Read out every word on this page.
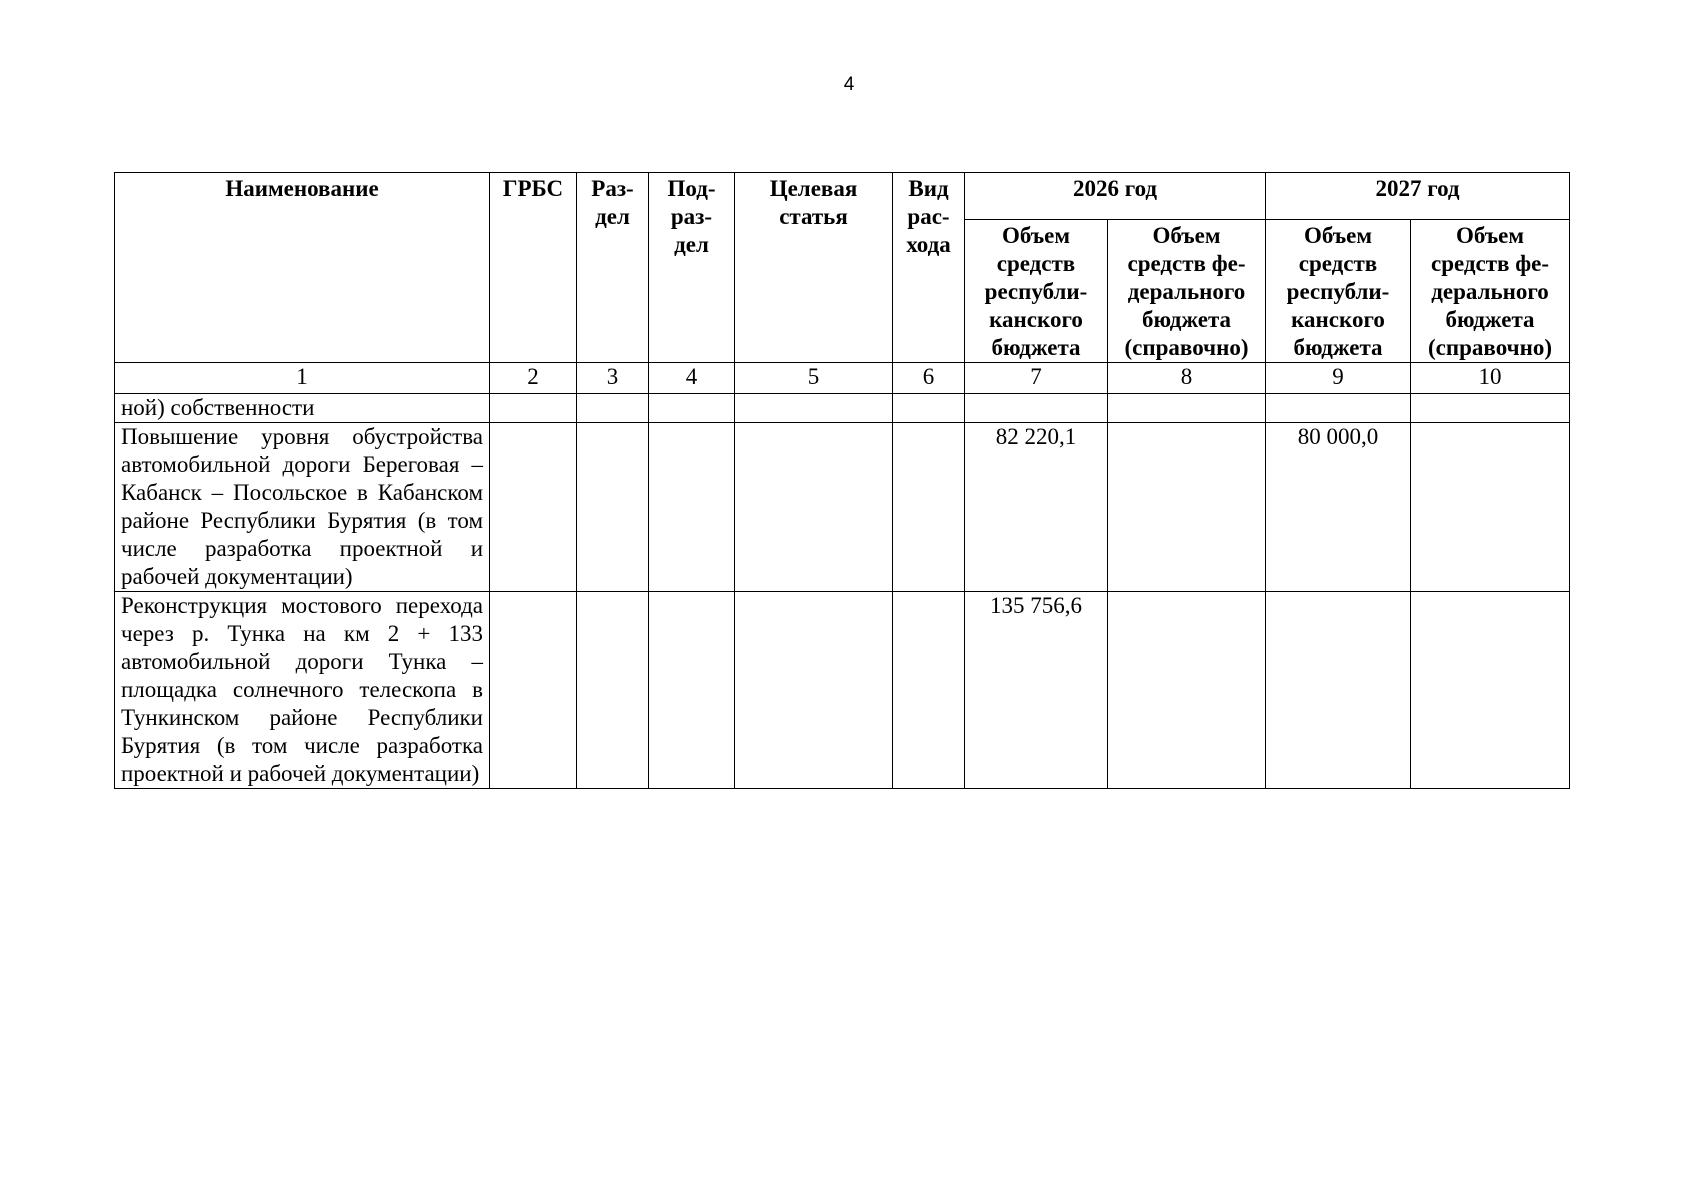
4
Наименование	ГРБС	Раз-дел	Под-раз-дел	Целевая статья	Вид рас-хода	2026 год		2027 год	
						Объем средств республи-канского бюджета	Объем средств фе-дерального бюджета (справочно)	Объем средств республи-канского бюджета	Объем средств фе-дерального бюджета (справочно)
1	2	3	4	5	6	7	8	9	10
ной) собственности									
Повышение уровня обустройства автомобильной дороги Береговая – Кабанск – Посольское в Кабанском районе Республики Бурятия (в том числе разработка проектной и рабочей документации)						82 220,1		80 000,0	
Реконструкция мостового перехода через р. Тунка на км 2 + 133 автомобильной дороги Тунка – площадка солнечного телескопа в Тункинском районе Республики Бурятия (в том числе разработка проектной и рабочей документации)						135 756,6			
